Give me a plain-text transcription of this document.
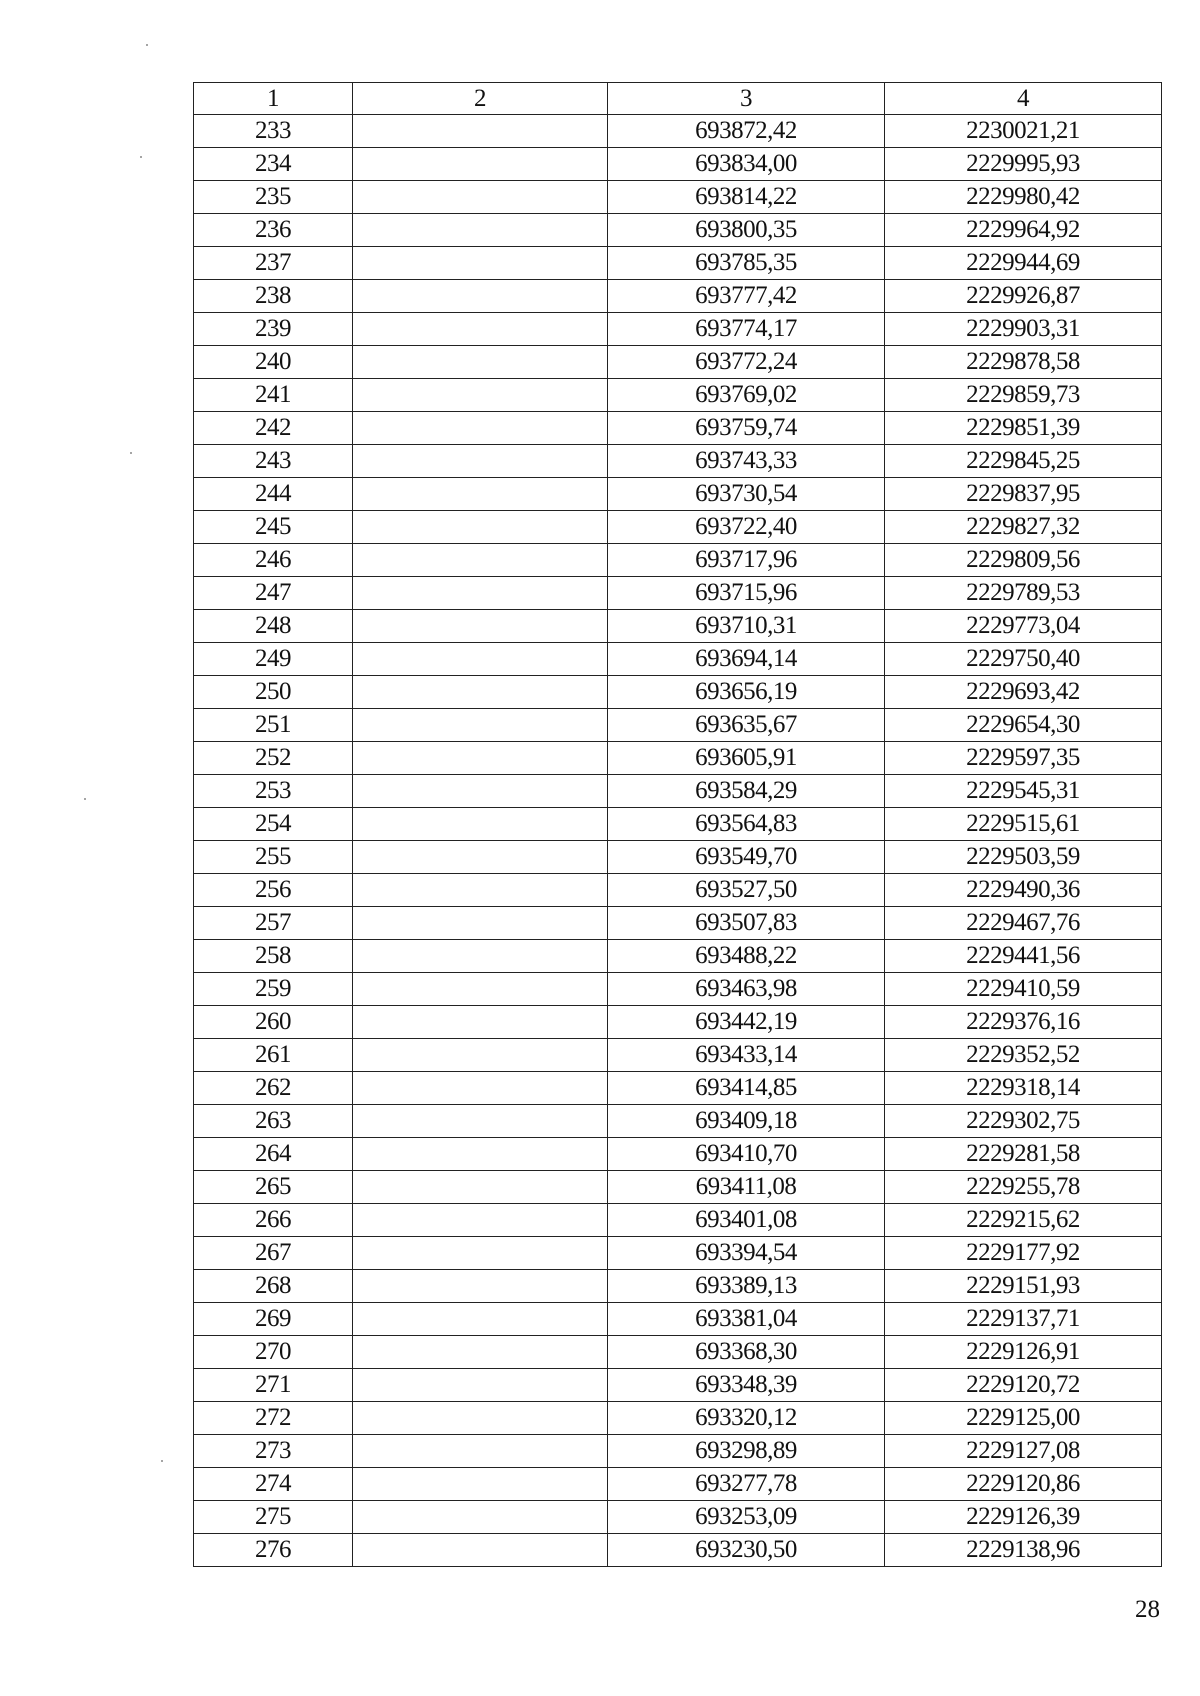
1	2	3	4
233		693872,42	2230021,21
234		693834,00	2229995,93
235		693814,22	2229980,42
236		693800,35	2229964,92
237		693785,35	2229944,69
238		693777,42	2229926,87
239		693774,17	2229903,31
240		693772,24	2229878,58
241		693769,02	2229859,73
242		693759,74	2229851,39
243		693743,33	2229845,25
244		693730,54	2229837,95
245		693722,40	2229827,32
246		693717,96	2229809,56
247		693715,96	2229789,53
248		693710,31	2229773,04
249		693694,14	2229750,40
250		693656,19	2229693,42
251		693635,67	2229654,30
252		693605,91	2229597,35
253		693584,29	2229545,31
254		693564,83	2229515,61
255		693549,70	2229503,59
256		693527,50	2229490,36
257		693507,83	2229467,76
258		693488,22	2229441,56
259		693463,98	2229410,59
260		693442,19	2229376,16
261		693433,14	2229352,52
262		693414,85	2229318,14
263		693409,18	2229302,75
264		693410,70	2229281,58
265		693411,08	2229255,78
266		693401,08	2229215,62
267		693394,54	2229177,92
268		693389,13	2229151,93
269		693381,04	2229137,71
270		693368,30	2229126,91
271		693348,39	2229120,72
272		693320,12	2229125,00
273		693298,89	2229127,08
274		693277,78	2229120,86
275		693253,09	2229126,39
276		693230,50	2229138,96
28
